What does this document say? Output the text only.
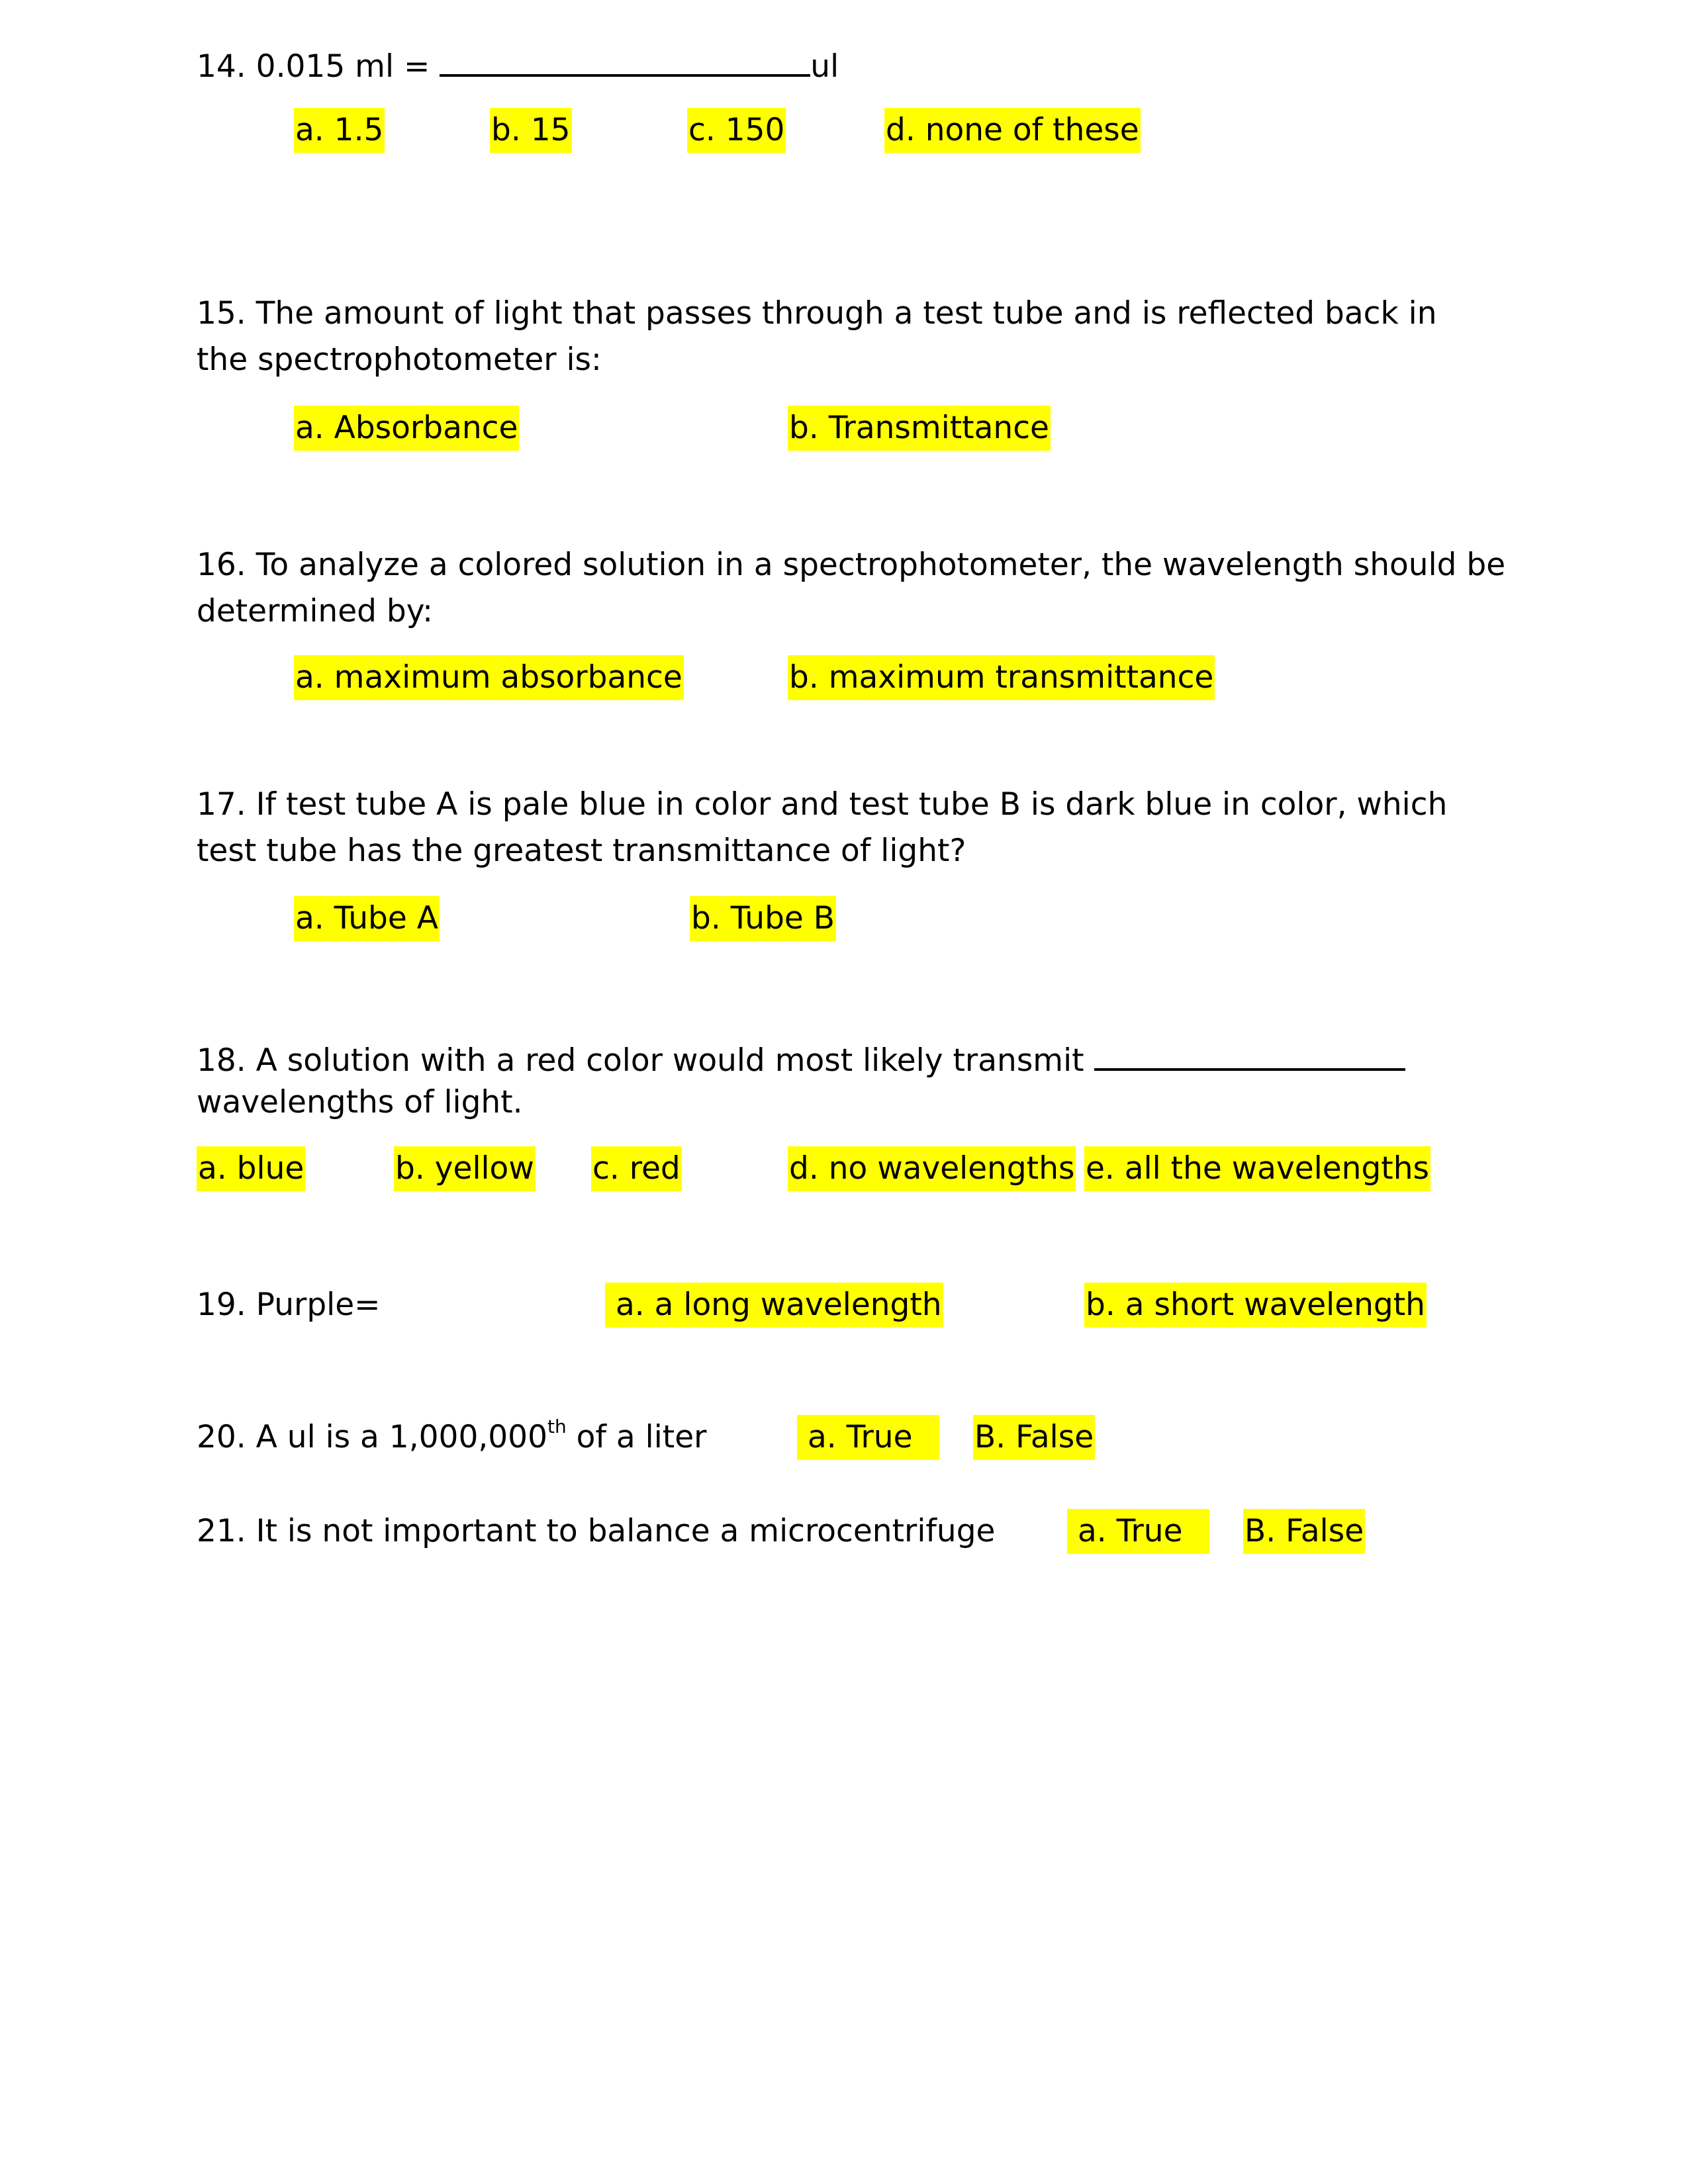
14. 0.015 ml =	ul
a. 1.5	b. 15	c. 150	d. none of these
15. The amount of light that passes through a test tube and is reflected back in
the spectrophotometer is:
a. Absorbance	b. Transmittance
16. To analyze a colored solution in a spectrophotometer, the wavelength should be
determined by:
a. maximum absorbance	b. maximum transmittance
17. If test tube A is pale blue in color and test tube B is dark blue in color, which
test tube has the greatest transmittance of light?
a. Tube A	b. Tube B
18. A solution with a red color would most likely transmit
wavelengths of light.
a. blue	b. yellow c. red	d. no wavelengths e. all the wavelengths
19. Purple=	a. a long wavelength	b. a short wavelength
20. A ul is a 1,000,000th of a liter	a. True	B. False
21. It is not important to balance a microcentrifuge	a. True	B. False
